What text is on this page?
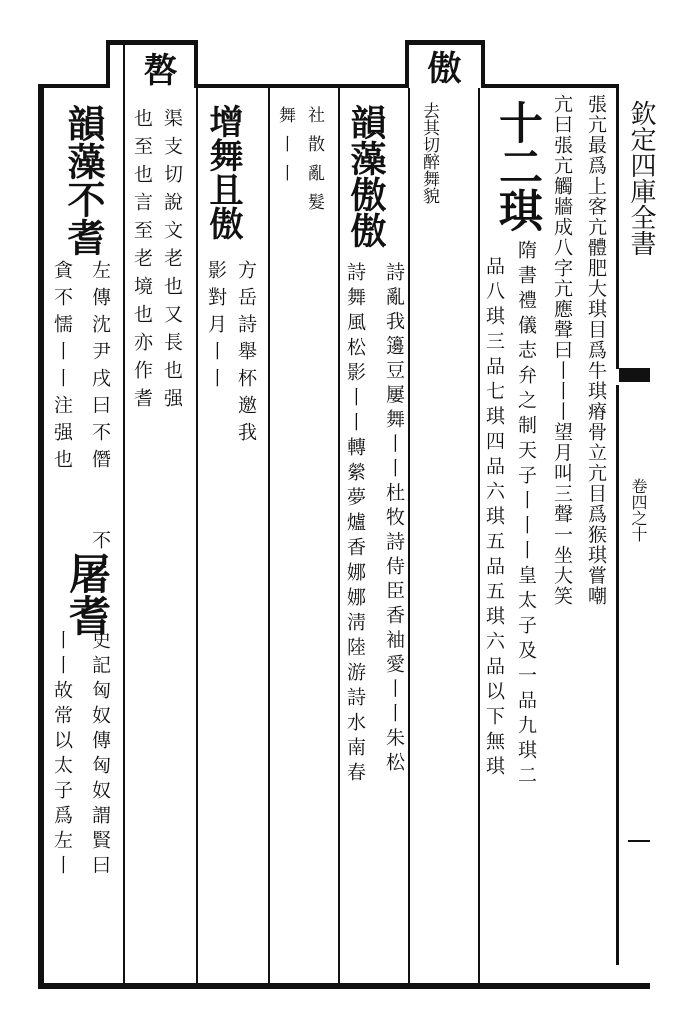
欽定四庫全書
卷四之十
張亢最爲上客亢體肥大琪目爲牛琪瘠骨立亢目爲猴琪嘗嘲
亢曰張亢觸牆成八字亢應聲曰丨丨丨望月叫三聲一坐大笑
十二琪
隋書禮儀志弁之制天子丨丨丨皇太子及一品九琪二
品八琪三品七琪四品六琪五品五琪六品以下無琪
傲
去其切醉舞貌
韻藻傲傲
詩亂我籩豆屢舞丨丨杜牧詩侍臣香袖愛丨丨朱松
詩舞風松影丨丨轉縈夢爐香娜娜淸陸游詩水南春
社散亂髮
舞丨丨
增舞且傲
方岳詩舉杯邀我
影對月丨丨
嗸
渠支切說文老也又長也强
也至也言至老境也亦作耆
韻藻不耆
左傳沈尹戌曰不僭
貪不懦丨丨注强也
不
屠耆
史記匈奴傳匈奴謂賢曰
丨丨故常以太子爲左丨
